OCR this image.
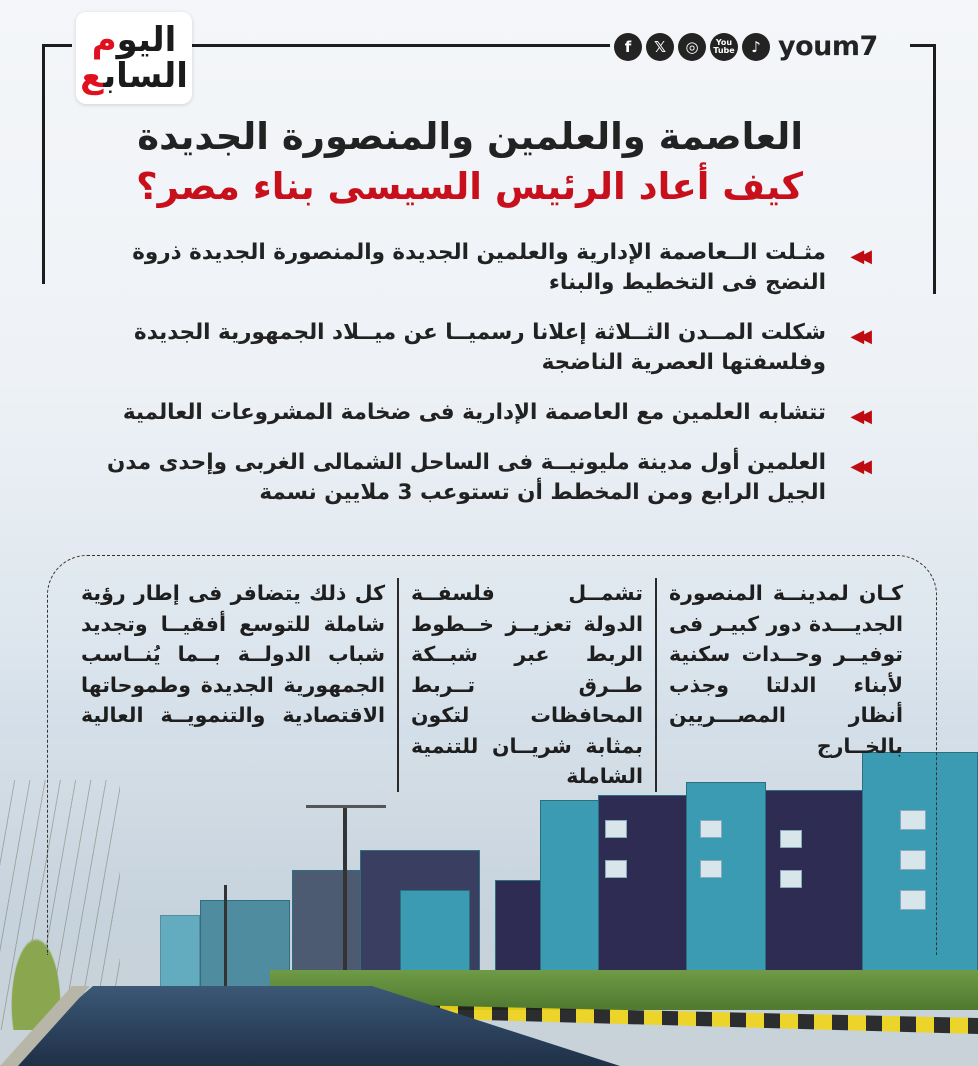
اليوم
السابع
f	𝕏	◎	You Tube	♪ youm7
العاصمة والعلمين والمنصورة الجديدة
كيف أعاد الرئيس السيسى بناء مصر؟
◀◀
مثـلت الــعاصمة الإدارية والعلمين الجديدة والمنصورة الجديدة ذروة النضج فى التخطيط والبناء
◀◀
شكلت المــدن الثــلاثة إعلانا رسميــا عن ميــلاد الجمهورية الجديدة وفلسفتها العصرية الناضجة
◀◀
تتشابه العلمين مع العاصمة الإدارية فى ضخامة المشروعات العالمية
◀◀
العلمين أول مدينة مليونيــة فى الساحل الشمالى الغربى وإحدى مدن الجيل الرابع ومن المخطط أن تستوعب 3 ملايين نسمة
كـان لمدينــة المنصورة الجديـــدة دور كبيـر فى توفيــر وحــدات سكنية لأبناء الدلتا وجذب أنظار المصـــريين بالخــارج
تشمــل فلسفــة الدولة تعزيــز خــطوط الربط عبر شبــكة طــرق تــربط المحافظات لتكون بمثابة شريــان للتنمية الشاملة
كل ذلك يتضافر فى إطار رؤية شاملة للتوسع أفقيــا وتجديد شباب الدولــة بــما يُنــاسب الجمهورية الجديدة وطموحاتها الاقتصادية والتنمويــة العالية
